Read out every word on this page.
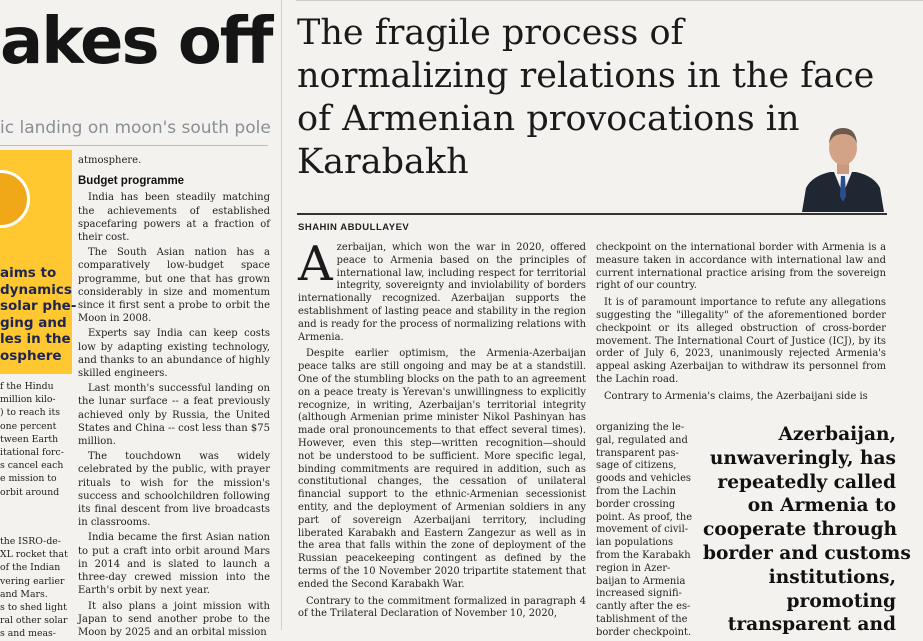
akes off
ic landing on moon's south pole
aims to
dynamics
solar phe-
ging and
les in the
osphere
f the Hindu
million kilo-
) to reach its
one percent
tween Earth
itational forc-
s cancel each
e mission to
orbit around
the ISRO-de-
XL rocket that
of the Indian
vering earlier
and Mars.
s to shed light
ral other solar
s and meas-

atmosphere.

Budget programme

India has been steadily matching the achievements of established spacefaring powers at a fraction of their cost.

The South Asian nation has a comparatively low-budget space programme, but one that has grown considerably in size and momentum since it first sent a probe to orbit the Moon in 2008.

Experts say India can keep costs low by adapting existing technology, and thanks to an abundance of highly skilled engineers.

Last month's successful landing on the lunar surface -- a feat previously achieved only by Russia, the United States and China -- cost less than $75 million.

The touchdown was widely celebrated by the public, with prayer rituals to wish for the mission's success and schoolchildren following its final descent from live broadcasts in classrooms.

India became the first Asian nation to put a craft into orbit around Mars in 2014 and is slated to launch a three-day crewed mission into the Earth's orbit by next year.

It also plans a joint mission with Japan to send another probe to the Moon by 2025 and an orbital mission

The fragile process of normalizing relations in the face of Armenian provocations in Karabakh
SHAHIN ABDULLAYEV

Azerbaijan, which won the war in 2020, offered peace to Armenia based on the principles of international law, including respect for territorial integrity, sovereignty and inviolability of borders internationally recognized. Azerbaijan supports the establishment of lasting peace and stability in the region and is ready for the process of normalizing relations with Armenia.

Despite earlier optimism, the Armenia-Azerbaijan peace talks are still ongoing and may be at a standstill. One of the stumbling blocks on the path to an agreement on a peace treaty is Yerevan's unwillingness to explicitly recognize, in writing, Azerbaijan's territorial integrity (although Armenian prime minister Nikol Pashinyan has made oral pronouncements to that effect several times). However, even this step—written recognition—should not be understood to be sufficient. More specific legal, binding commitments are required in addition, such as constitutional changes, the cessation of unilateral financial support to the ethnic-Armenian secessionist entity, and the deployment of Armenian soldiers in any part of sovereign Azerbaijani territory, including liberated Karabakh and Eastern Zangezur as well as in the area that falls within the zone of deployment of the Russian peacekeeping contingent as defined by the terms of the 10 November 2020 tripartite statement that ended the Second Karabakh War.

Contrary to the commitment formalized in paragraph 4 of the Trilateral Declaration of November 10, 2020,

checkpoint on the international border with Armenia is a measure taken in accordance with international law and current international practice arising from the sovereign right of our country.

It is of paramount importance to refute any allegations suggesting the "illegality" of the aforementioned border checkpoint or its alleged obstruction of cross-border movement. The International Court of Justice (ICJ), by its order of July 6, 2023, unanimously rejected Armenia's appeal asking Azerbaijan to withdraw its personnel from the Lachin road.

Contrary to Armenia's claims, the Azerbaijani side is

organizing the le-
gal, regulated and
transparent pas-
sage of citizens,
goods and vehicles
from the Lachin
border crossing
point. As proof, the
movement of civil-
ian populations
from the Karabakh
region in Azer-
baijan to Armenia
increased signifi-
cantly after the es-
tablishment of the
border checkpoint.
Azerbaijan,
unwaveringly, has
repeatedly called
on Armenia to
cooperate through
border and customs
institutions,
promoting
transparent and
